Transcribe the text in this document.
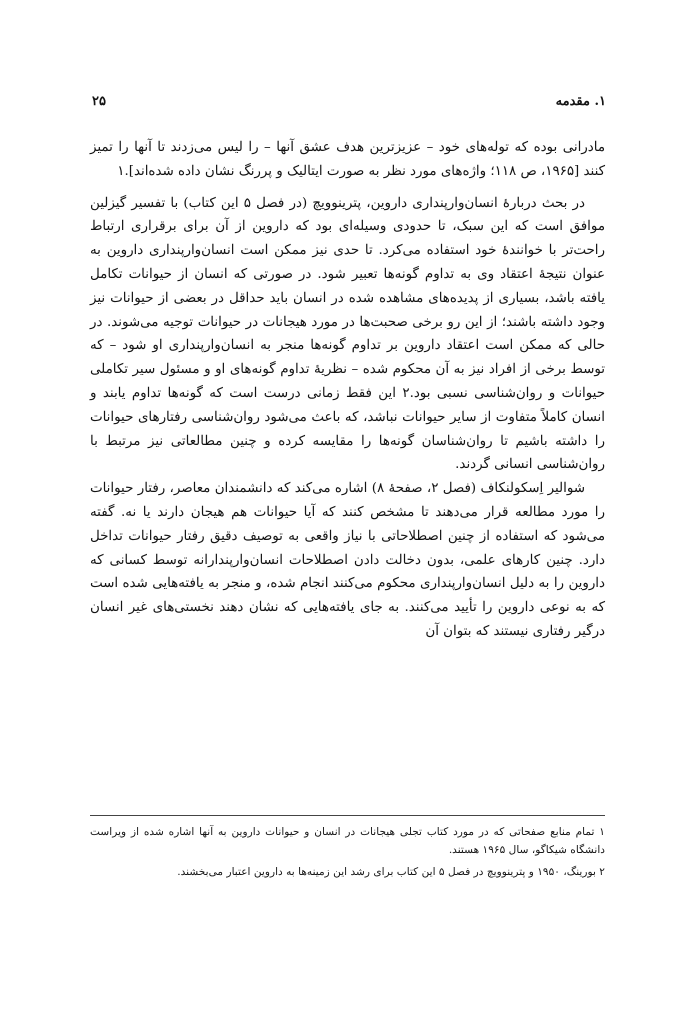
۱. مقدمه
۲۵

مادرانی بوده که توله‌های خود – عزیزترین هدف عشق آنها – را لیس می‌زدند تا آنها را تمیز کنند [۱۹۶۵، ص ۱۱۸؛ واژه‌های مورد نظر به صورت ایتالیک و پررنگ نشان داده شده‌اند].۱

در بحث دربارهٔ انسان‌وارپنداری داروین، پترینوویچ (در فصل ۵ این کتاب) با تفسیر گیزلین موافق است که این سبک، تا حدودی وسیله‌ای بود که داروین از آن برای برقراری ارتباط راحت‌تر با خوانندهٔ خود استفاده می‌کرد. تا حدی نیز ممکن است انسان‌وارپنداری داروین به عنوان نتیجهٔ اعتقاد وی به تداوم گونه‌ها تعبیر شود. در صورتی که انسان از حیوانات تکامل یافته باشد، بسیاری از پدیده‌های مشاهده شده در انسان باید حداقل در بعضی از حیوانات نیز وجود داشته باشند؛ از این رو برخی صحبت‌ها در مورد هیجانات در حیوانات توجیه می‌شوند. در حالی که ممکن است اعتقاد داروین بر تداوم گونه‌ها منجر به انسان‌وارپنداری او شود – که توسط برخی از افراد نیز به آن محکوم شده – نظریهٔ تداوم گونه‌های او و مسئول سیر تکاملی حیوانات و روان‌شناسی نسبی بود.۲ این فقط زمانی درست است که گونه‌ها تداوم یابند و انسان کاملاً متفاوت از سایر حیوانات نباشد، که باعث می‌شود روان‌شناسی رفتارهای حیوانات را داشته باشیم تا روان‌شناسان گونه‌ها را مقایسه کرده و چنین مطالعاتی نیز مرتبط با روان‌شناسی انسانی گردند.

شوالیر اِسکولنکاف (فصل ۲، صفحهٔ ۸) اشاره می‌کند که دانشمندان معاصر، رفتار حیوانات را مورد مطالعه قرار می‌دهند تا مشخص کنند که آیا حیوانات هم هیجان دارند یا نه. گفته می‌شود که استفاده از چنین اصطلاحاتی با نیاز واقعی به توصیف دقیق رفتار حیوانات تداخل دارد. چنین کارهای علمی، بدون دخالت دادن اصطلاحات انسان‌وارپندارانه توسط کسانی که داروین را به دلیل انسان‌وارپنداری محکوم می‌کنند انجام شده، و منجر به یافته‌هایی شده است که به نوعی داروین را تأیید می‌کنند. به جای یافته‌هایی که نشان دهند نخستی‌های غیر انسان درگیر رفتاری نیستند که بتوان آن

۱ تمام منابع صفحاتی که در مورد کتاب تجلی هیجانات در انسان و حیوانات داروین به آنها اشاره شده از ویراست دانشگاه شیکاگو، سال ۱۹۶۵ هستند.

۲ بورینگ، ۱۹۵۰ و پترینوویچ در فصل ۵ این کتاب برای رشد این زمینه‌ها به داروین اعتبار می‌بخشند.
